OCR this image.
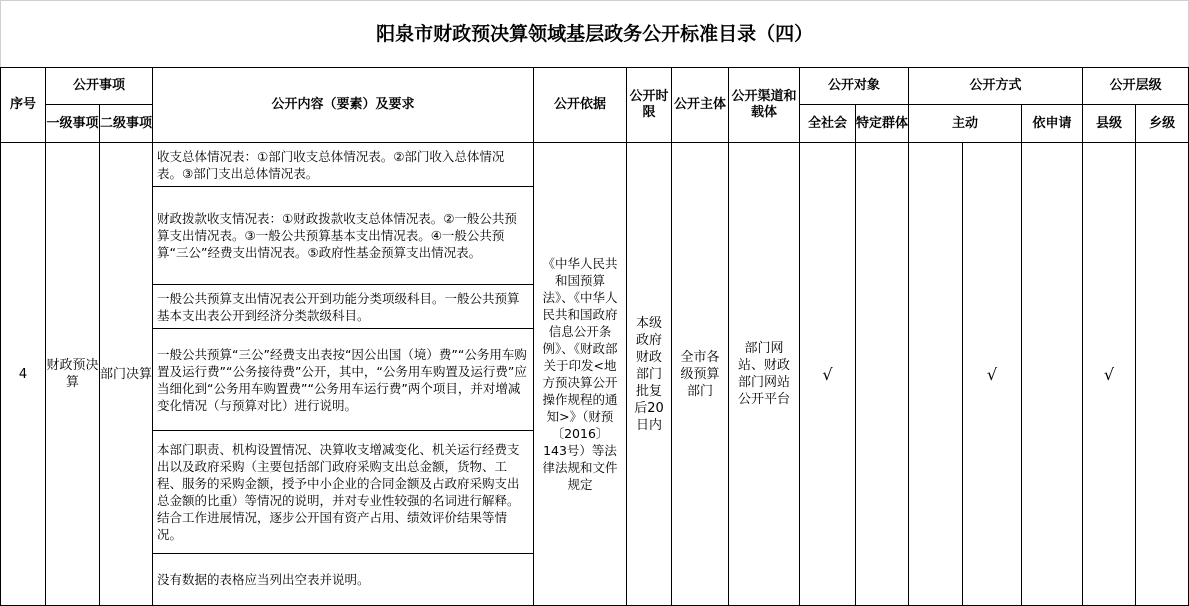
阳泉市财政预决算领域基层政务公开标准目录（四）														
序号	公开事项		公开内容（要素）及要求	公开依据	公开时限	公开主体	公开渠道和载体	公开对象		公开方式			公开层级	
	一级事项	二级事项						全社会	特定群体	主动		依申请	县级	乡级
4	财政预决算	部门决算	收支总体情况表：①部门收支总体情况表。②部门收入总体情况表。③部门支出总体情况表。	《中华人民共和国预算法》、《中华人民共和国政府信息公开条例》、《财政部关于印发<地方预决算公开操作规程的通知>》（财预〔2016〕143号）等法律法规和文件规定	本级政府财政部门批复后20日内	全市各级预算部门	部门网站、财政部门网站公开平台	√			√		√	
			财政拨款收支情况表：①财政拨款收支总体情况表。②一般公共预算支出情况表。③一般公共预算基本支出情况表。④一般公共预算“三公”经费支出情况表。⑤政府性基金预算支出情况表。											
			一般公共预算支出情况表公开到功能分类项级科目。一般公共预算基本支出表公开到经济分类款级科目。											
			一般公共预算“三公”经费支出表按“因公出国（境）费”“公务用车购置及运行费”“公务接待费”公开，其中，“公务用车购置及运行费”应当细化到“公务用车购置费”“公务用车运行费”两个项目，并对增减变化情况（与预算对比）进行说明。											
			本部门职责、机构设置情况、决算收支增减变化、机关运行经费支出以及政府采购（主要包括部门政府采购支出总金额，货物、工程、服务的采购金额，授予中小企业的合同金额及占政府采购支出总金额的比重）等情况的说明，并对专业性较强的名词进行解释。结合工作进展情况，逐步公开国有资产占用、绩效评价结果等情况。											
			没有数据的表格应当列出空表并说明。											
